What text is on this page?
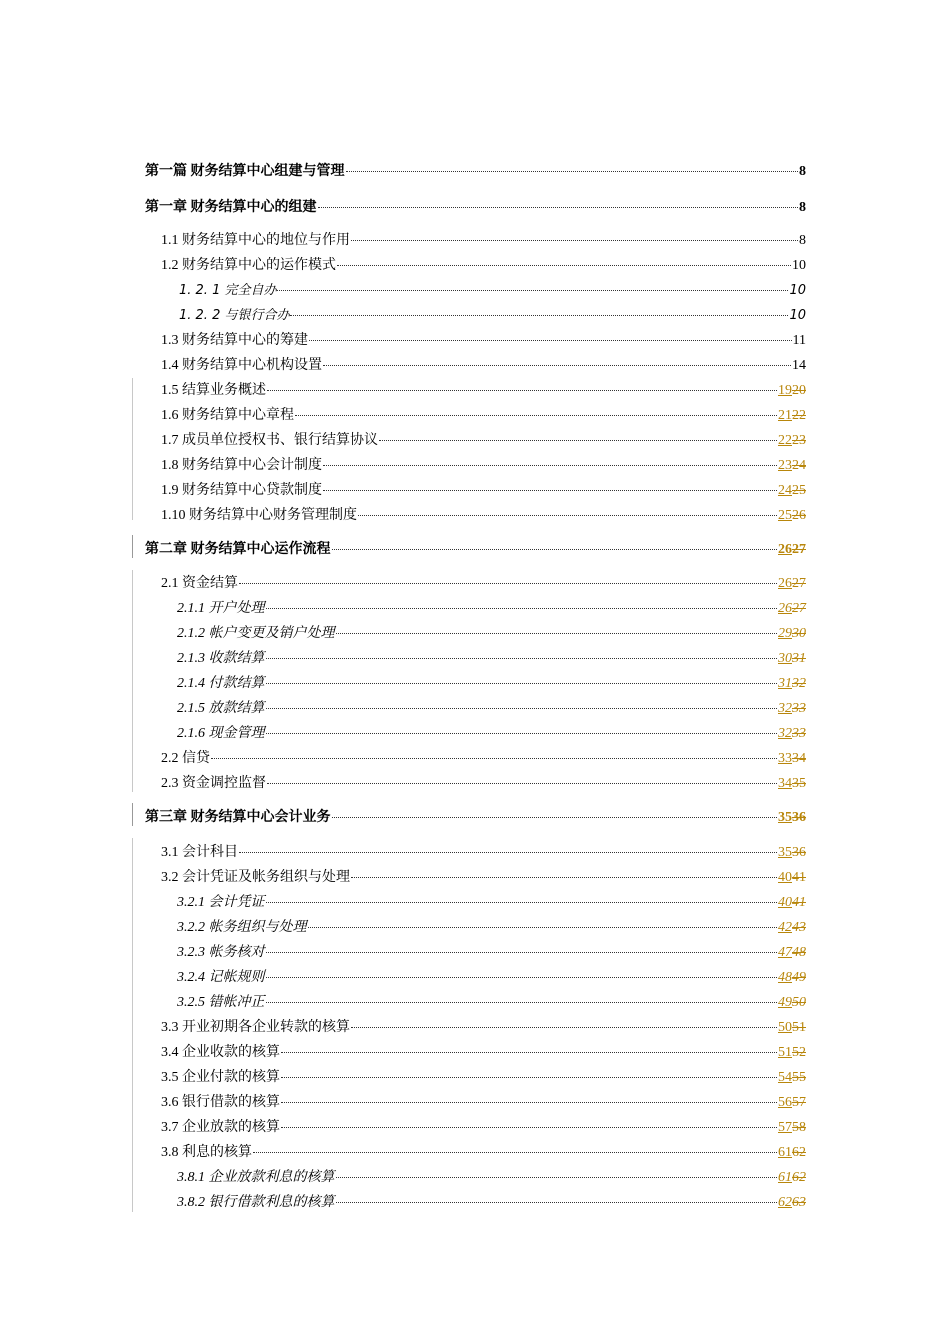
第一篇 财务结算中心组建与管理	8
第一章 财务结算中心的组建	8
1.1 财务结算中心的地位与作用	8
1.2 财务结算中心的运作模式	10
1. 2. 1 完全自办	10
1. 2. 2 与银行合办	10
1.3 财务结算中心的筹建	11
1.4 财务结算中心机构设置	14
1.5 结算业务概述	1920
1.6 财务结算中心章程	2122
1.7 成员单位授权书、银行结算协议	2223
1.8 财务结算中心会计制度	2324
1.9 财务结算中心贷款制度	2425
1.10 财务结算中心财务管理制度	2526
第二章 财务结算中心运作流程	2627
2.1 资金结算	2627
2.1.1 开户处理	2627
2.1.2 帐户变更及销户处理	2930
2.1.3 收款结算	3031
2.1.4 付款结算	3132
2.1.5 放款结算	3233
2.1.6 现金管理	3233
2.2 信贷	3334
2.3 资金调控监督	3435
第三章 财务结算中心会计业务	3536
3.1 会计科目	3536
3.2 会计凭证及帐务组织与处理	4041
3.2.1 会计凭证	4041
3.2.2 帐务组织与处理	4243
3.2.3 帐务核对	4748
3.2.4 记帐规则	4849
3.2.5 错帐冲正	4950
3.3 开业初期各企业转款的核算	5051
3.4 企业收款的核算	5152
3.5 企业付款的核算	5455
3.6 银行借款的核算	5657
3.7 企业放款的核算	5758
3.8 利息的核算	6162
3.8.1 企业放款利息的核算	6162
3.8.2 银行借款利息的核算	6263
